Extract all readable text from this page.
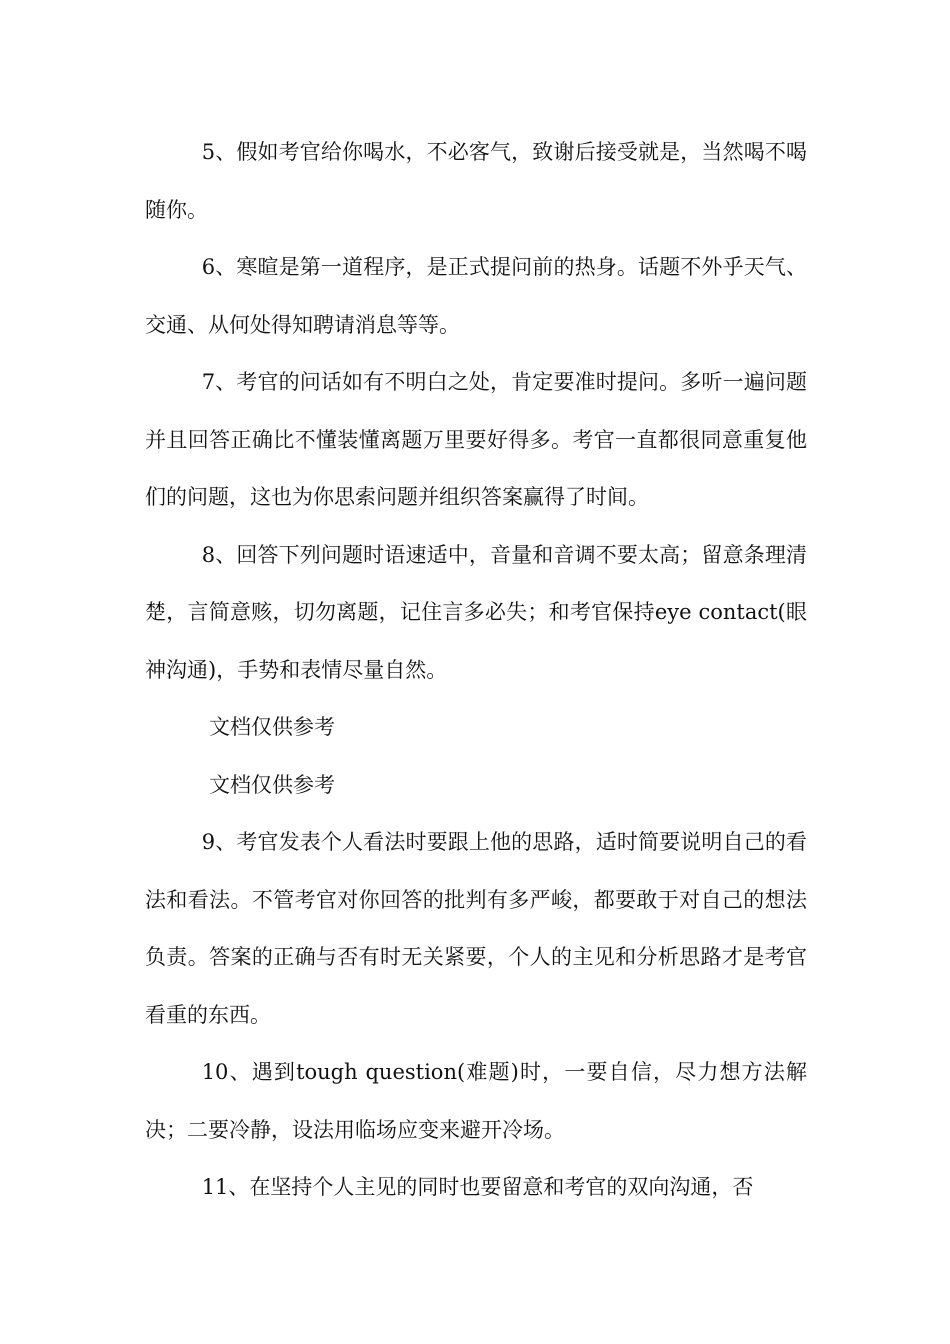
5、假如考官给你喝水，不必客气，致谢后接受就是，当然喝不喝随你。

6、寒暄是第一道程序，是正式提问前的热身。话题不外乎天气、交通、从何处得知聘请消息等等。

7、考官的问话如有不明白之处，肯定要准时提问。多听一遍问题并且回答正确比不懂装懂离题万里要好得多。考官一直都很同意重复他们的问题，这也为你思索问题并组织答案赢得了时间。

8、回答下列问题时语速适中，音量和音调不要太高；留意条理清楚，言简意赅，切勿离题，记住言多必失；和考官保持eye contact(眼神沟通)，手势和表情尽量自然。

文档仅供参考

文档仅供参考

9、考官发表个人看法时要跟上他的思路，适时简要说明自己的看法和看法。不管考官对你回答的批判有多严峻，都要敢于对自己的想法负责。答案的正确与否有时无关紧要，个人的主见和分析思路才是考官看重的东西。

10、遇到tough question(难题)时，一要自信，尽力想方法解决；二要冷静，设法用临场应变来避开冷场。

11、在坚持个人主见的同时也要留意和考官的双向沟通，否
